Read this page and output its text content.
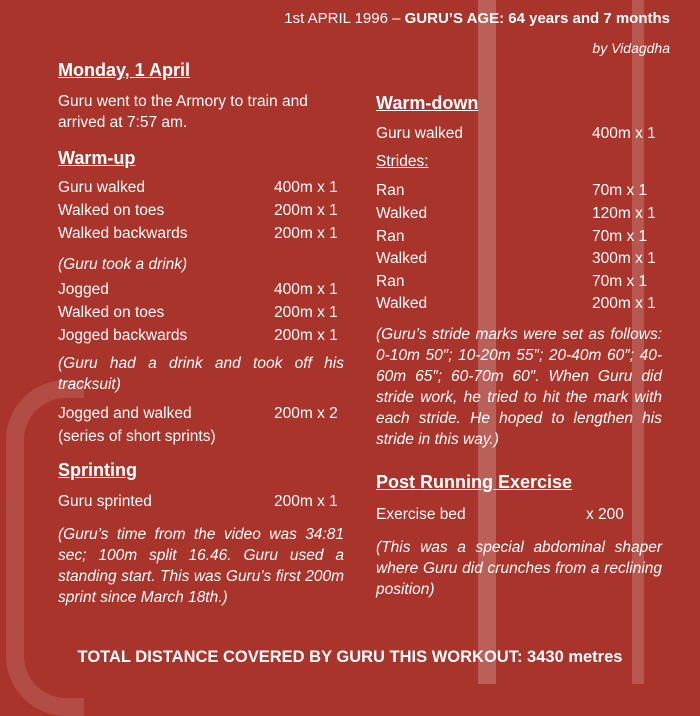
1st APRIL 1996 – GURU’S AGE: 64 years and 7 months
by Vidagdha
Monday, 1 April
Guru went to the Armory to train and arrived at 7:57 am.
Warm-up
Guru walked	400m x 1
Walked on toes	200m x 1
Walked backwards	200m x 1
(Guru took a drink)
Jogged	400m x 1
Walked on toes	200m x 1
Jogged backwards	200m x 1
(Guru had a drink and took off his tracksuit)
Jogged and walked	200m x 2
(series of short sprints)
Sprinting
Guru sprinted	200m x 1
(Guru’s time from the video was 34:81 sec; 100m split 16.46. Guru used a standing start. This was Guru’s first 200m sprint since March 18th.)
Warm-down
Guru walked	400m x 1
Strides:
Ran	70m x 1
Walked	120m x 1
Ran	70m x 1
Walked	300m x 1
Ran	70m x 1
Walked	200m x 1
(Guru’s stride marks were set as follows: 0-10m 50″; 10-20m 55″; 20-40m 60″; 40-60m 65″; 60-70m 60″. When Guru did stride work, he tried to hit the mark with each stride. He hoped to lengthen his stride in this way.)
Post Running Exercise
Exercise bed	x 200
(This was a special abdominal shaper where Guru did crunches from a reclining position)
TOTAL DISTANCE COVERED BY GURU THIS WORKOUT: 3430 metres
